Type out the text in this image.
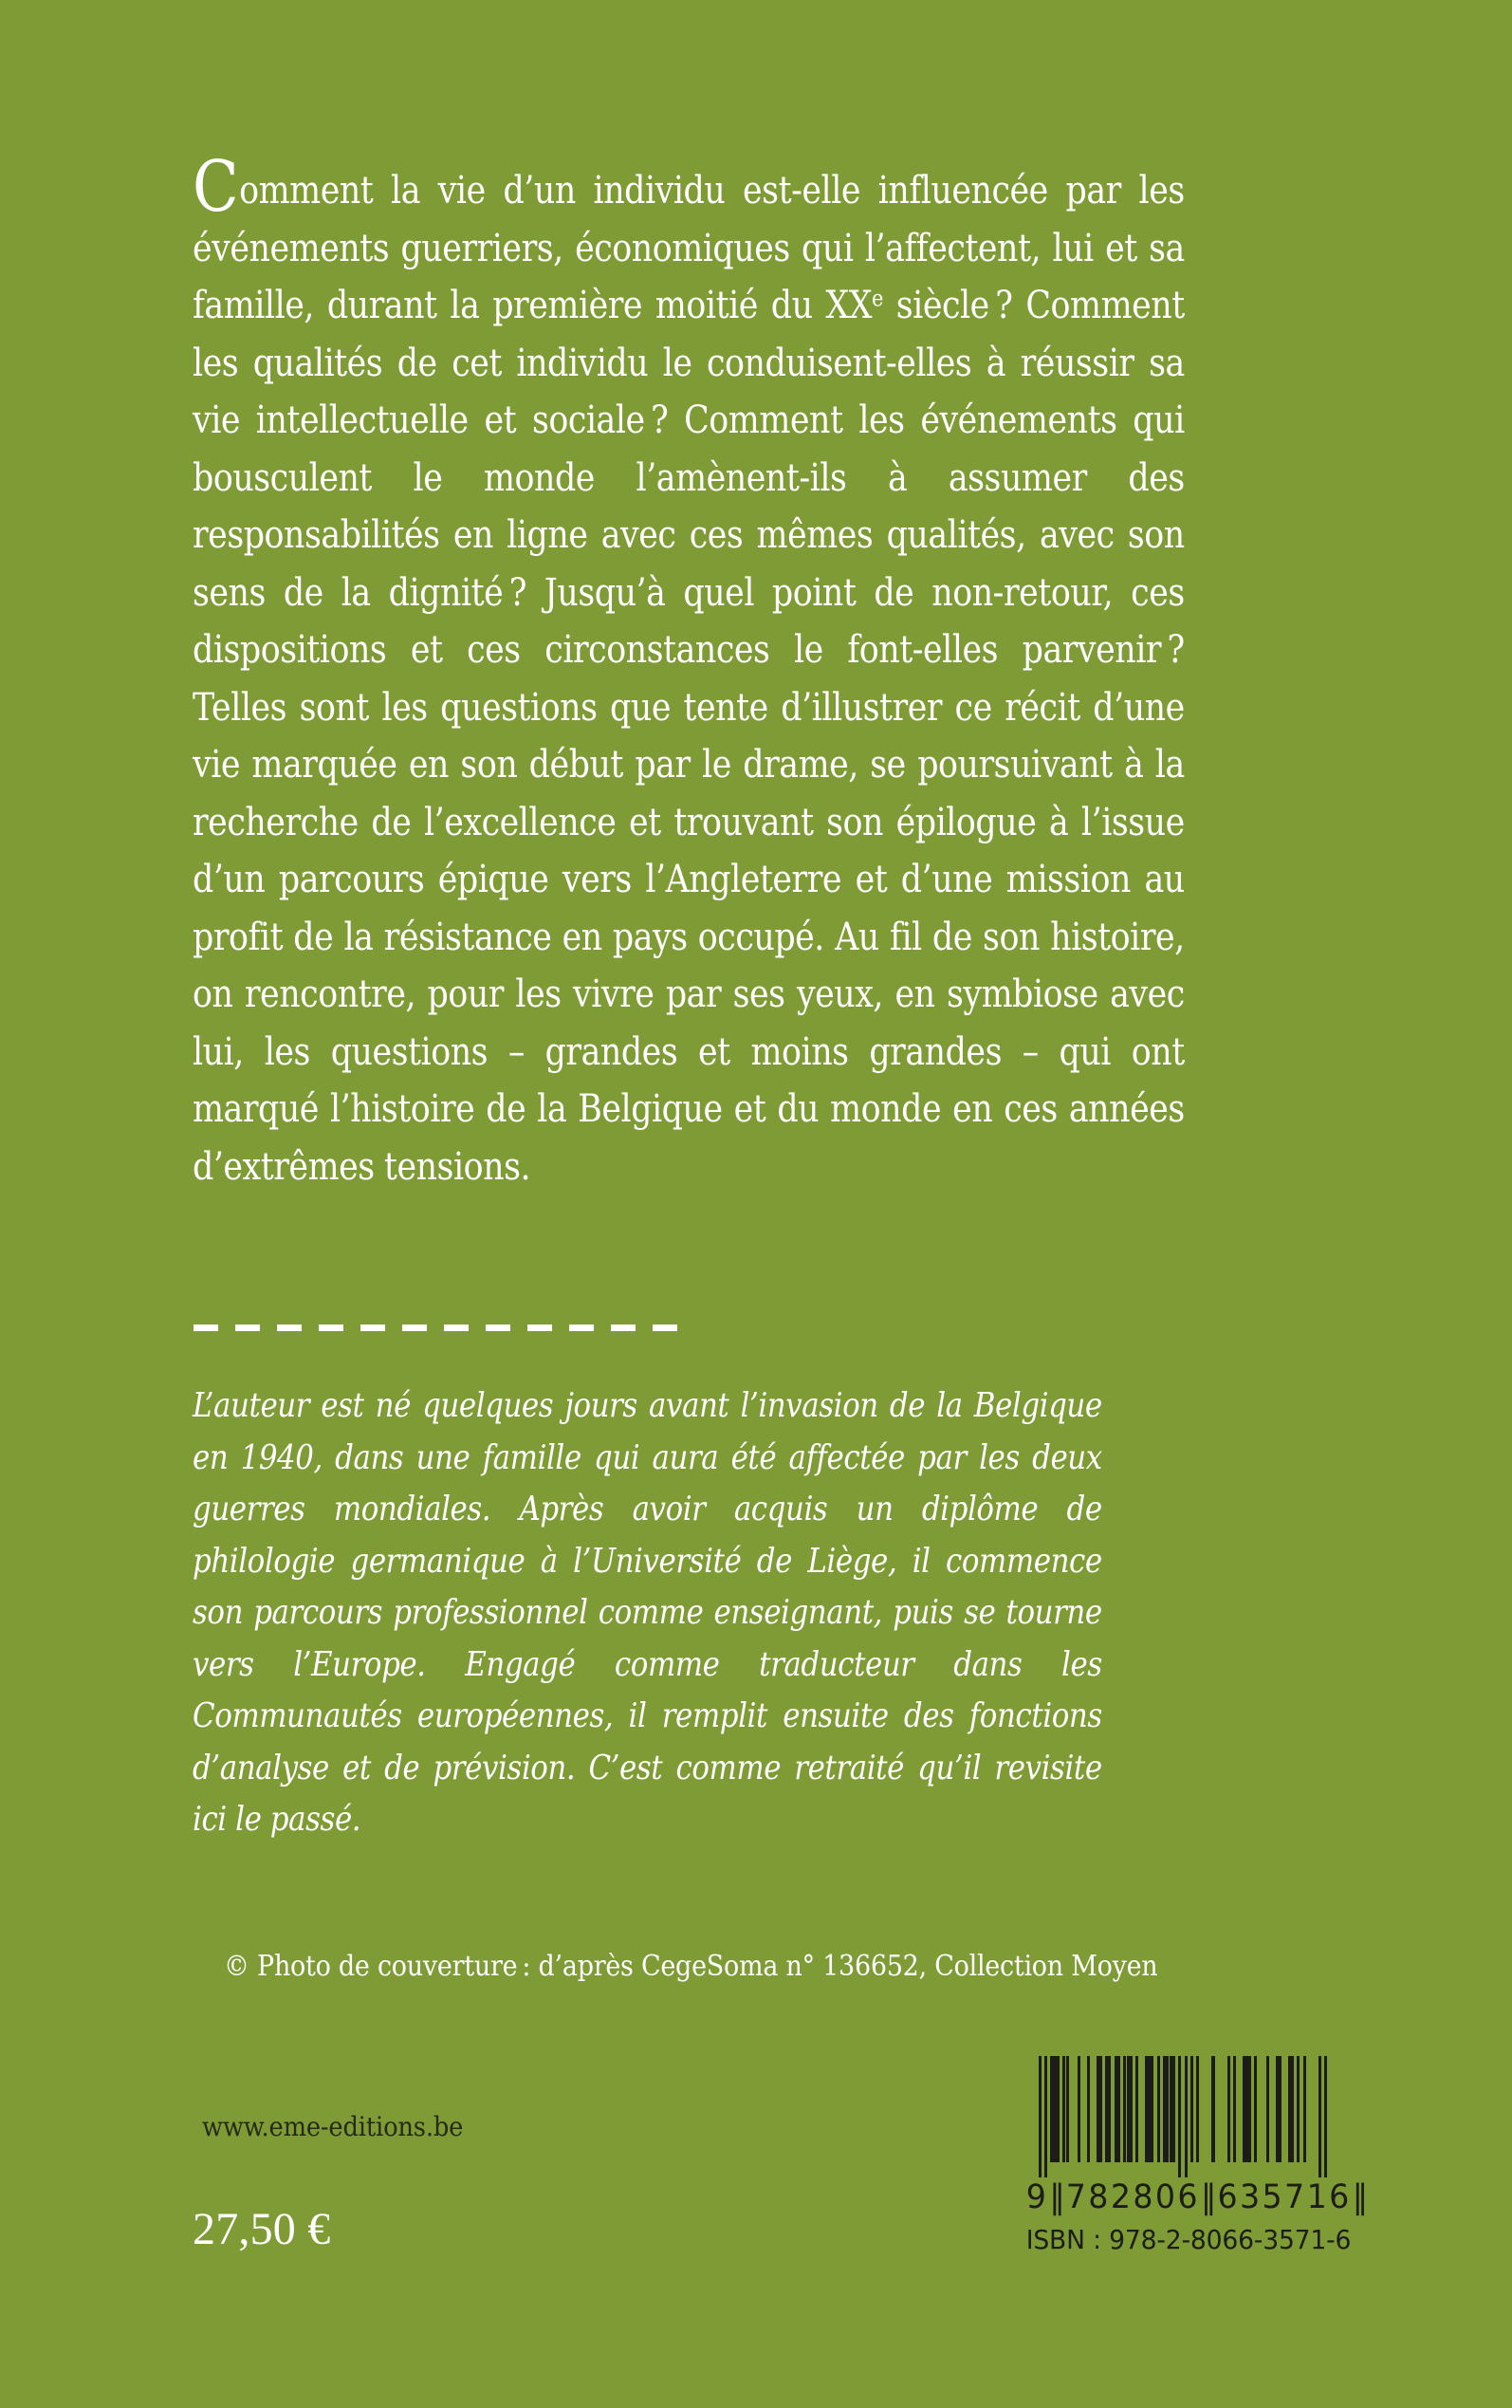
Comment la vie d’un individu est-elle influencée par les événements guerriers, économiques qui l’affectent, lui et sa famille, durant la première moitié du XXe siècle ? Comment les qualités de cet individu le conduisent-elles à réussir sa vie intellectuelle et sociale ? Comment les événements qui bousculent le monde l’amènent-ils à assumer des responsabilités en ligne avec ces mêmes qualités, avec son sens de la dignité ? Jusqu’à quel point de non-retour, ces dispositions et ces circonstances le font-elles parvenir ? Telles sont les questions que tente d’illustrer ce récit d’une vie marquée en son début par le drame, se poursuivant à la recherche de l’excellence et trouvant son épilogue à l’issue d’un parcours épique vers l’Angleterre et d’une mission au profit de la résistance en pays occupé. Au fil de son histoire, on rencontre, pour les vivre par ses yeux, en symbiose avec lui, les questions – grandes et moins grandes – qui ont marqué l’histoire de la Belgique et du monde en ces années d’extrêmes tensions.
L’auteur est né quelques jours avant l’invasion de la Belgique en 1940, dans une famille qui aura été affectée par les deux guerres mondiales. Après avoir acquis un diplôme de philologie germanique à l’Université de Liège, il commence son parcours professionnel comme enseignant, puis se tourne vers l’Europe. Engagé comme traducteur dans les Communautés européennes, il remplit ensuite des fonctions d’analyse et de prévision. C’est comme retraité qu’il revisite ici le passé.
© Photo de couverture : d’après CegeSoma n° 136652, Collection Moyen
www.eme-editions.be
27,50 €
9‖782806‖635716‖
ISBN : 978-2-8066-3571-6
